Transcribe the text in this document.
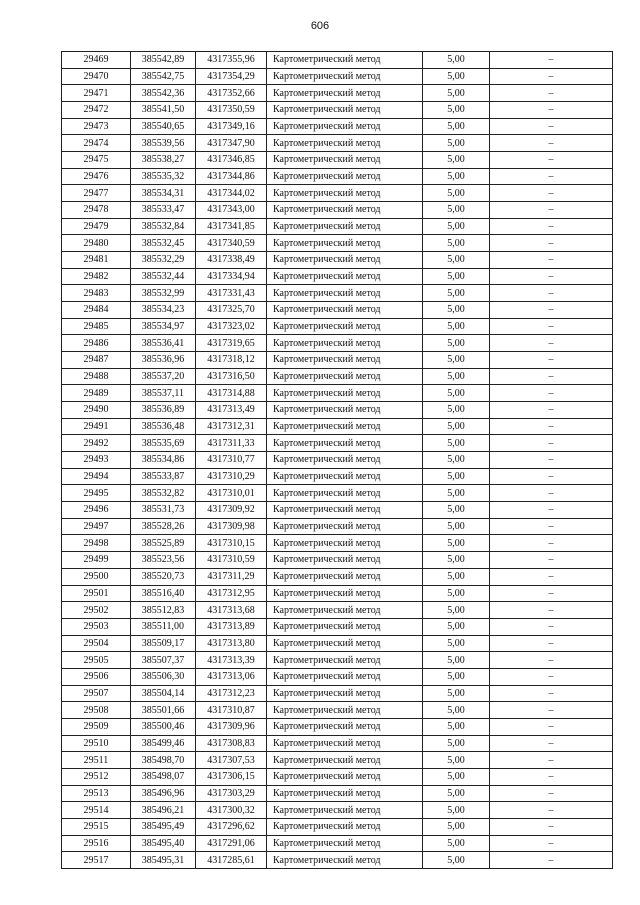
606
29469	385542,89	4317355,96	Картометрический метод	5,00	–
29470	385542,75	4317354,29	Картометрический метод	5,00	–
29471	385542,36	4317352,66	Картометрический метод	5,00	–
29472	385541,50	4317350,59	Картометрический метод	5,00	–
29473	385540,65	4317349,16	Картометрический метод	5,00	–
29474	385539,56	4317347,90	Картометрический метод	5,00	–
29475	385538,27	4317346,85	Картометрический метод	5,00	–
29476	385535,32	4317344,86	Картометрический метод	5,00	–
29477	385534,31	4317344,02	Картометрический метод	5,00	–
29478	385533,47	4317343,00	Картометрический метод	5,00	–
29479	385532,84	4317341,85	Картометрический метод	5,00	–
29480	385532,45	4317340,59	Картометрический метод	5,00	–
29481	385532,29	4317338,49	Картометрический метод	5,00	–
29482	385532,44	4317334,94	Картометрический метод	5,00	–
29483	385532,99	4317331,43	Картометрический метод	5,00	–
29484	385534,23	4317325,70	Картометрический метод	5,00	–
29485	385534,97	4317323,02	Картометрический метод	5,00	–
29486	385536,41	4317319,65	Картометрический метод	5,00	–
29487	385536,96	4317318,12	Картометрический метод	5,00	–
29488	385537,20	4317316,50	Картометрический метод	5,00	–
29489	385537,11	4317314,88	Картометрический метод	5,00	–
29490	385536,89	4317313,49	Картометрический метод	5,00	–
29491	385536,48	4317312,31	Картометрический метод	5,00	–
29492	385535,69	4317311,33	Картометрический метод	5,00	–
29493	385534,86	4317310,77	Картометрический метод	5,00	–
29494	385533,87	4317310,29	Картометрический метод	5,00	–
29495	385532,82	4317310,01	Картометрический метод	5,00	–
29496	385531,73	4317309,92	Картометрический метод	5,00	–
29497	385528,26	4317309,98	Картометрический метод	5,00	–
29498	385525,89	4317310,15	Картометрический метод	5,00	–
29499	385523,56	4317310,59	Картометрический метод	5,00	–
29500	385520,73	4317311,29	Картометрический метод	5,00	–
29501	385516,40	4317312,95	Картометрический метод	5,00	–
29502	385512,83	4317313,68	Картометрический метод	5,00	–
29503	385511,00	4317313,89	Картометрический метод	5,00	–
29504	385509,17	4317313,80	Картометрический метод	5,00	–
29505	385507,37	4317313,39	Картометрический метод	5,00	–
29506	385506,30	4317313,06	Картометрический метод	5,00	–
29507	385504,14	4317312,23	Картометрический метод	5,00	–
29508	385501,66	4317310,87	Картометрический метод	5,00	–
29509	385500,46	4317309,96	Картометрический метод	5,00	–
29510	385499,46	4317308,83	Картометрический метод	5,00	–
29511	385498,70	4317307,53	Картометрический метод	5,00	–
29512	385498,07	4317306,15	Картометрический метод	5,00	–
29513	385496,96	4317303,29	Картометрический метод	5,00	–
29514	385496,21	4317300,32	Картометрический метод	5,00	–
29515	385495,49	4317296,62	Картометрический метод	5,00	–
29516	385495,40	4317291,06	Картометрический метод	5,00	–
29517	385495,31	4317285,61	Картометрический метод	5,00	–
